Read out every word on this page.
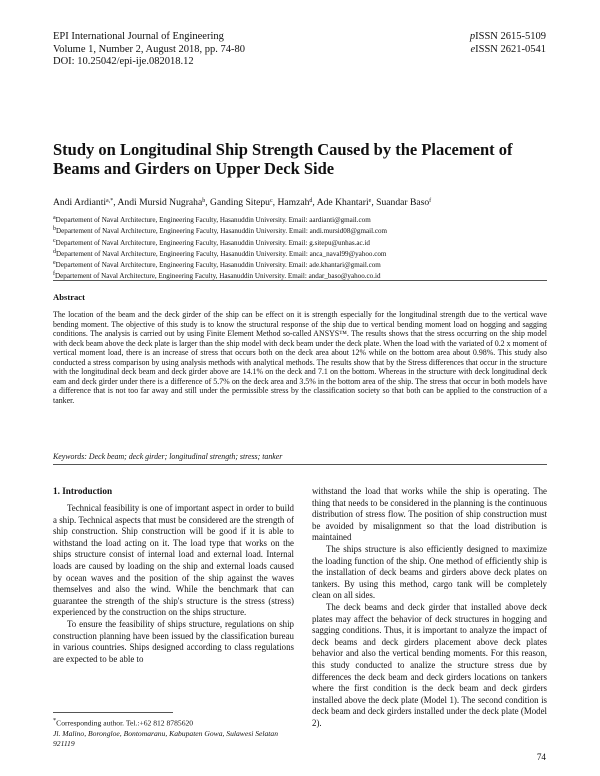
EPI International Journal of Engineering
Volume 1, Number 2, August 2018, pp. 74-80
DOI: 10.25042/epi-ije.082018.12
pISSN 2615-5109
eISSN 2621-0541
Study on Longitudinal Ship Strength Caused by the Placement of Beams and Girders on Upper Deck Side
Andi Ardianti$^{a,*}$, Andi Mursid Nugraha$^b$, Ganding Sitepu$^c$, Hamzah$^d$, Ade Khantari$^e$, Suandar Baso$^f$
$^a$Departement of Naval Architecture, Engineering Faculty, Hasanuddin University. Email: aardianti@gmail.com
$^b$Departement of Naval Architecture, Engineering Faculty, Hasanuddin University. Email: andi.mursid08@gmail.com
$^c$Departement of Naval Architecture, Engineering Faculty, Hasanuddin University. Email: g.sitepu@unhas.ac.id
$^d$Departement of Naval Architecture, Engineering Faculty, Hasanuddin University. Email: anca_naval99@yahoo.com
$^e$Departement of Naval Architecture, Engineering Faculty, Hasanuddin University. Email: ade.khantari@gmail.com
$^f$Departement of Naval Architecture, Engineering Faculty, Hasanuddin University. Email: andar_baso@yahoo.co.id
Abstract
The location of the beam and the deck girder of the ship can be effect on it is strength especially for the longitudinal strength due to the vertical wave bending moment. The objective of this study is to know the structural response of the ship due to vertical bending moment load on hogging and sagging conditions. The analysis is carried out by using Finite Element Method so-called ANSYS™. The results shows that the stress occurring on the ship model with deck beam above the deck plate is larger than the ship model with deck beam under the deck plate. When the load with the variated of 0.2 x moment of vertical moment load, there is an increase of stress that occurs both on the deck area about 12% while on the bottom area about 0.98%. This study also conducted a stress comparison by using analysis methods with analytical methods. The results show that by the Stress differences that occur in the structure with the longitudinal deck beam and deck girder above are 14.1% on the deck and 7.1 on the bottom. Whereas in the structure with deck longitudinal deck eam and deck girder under there is a difference of 5.7% on the deck area and 3.5% in the bottom area of the ship. The stress that occur in both models have a difference that is not too far away and still under the permissible stress by the classification society so that both can be applied to the construction of a tanker.
Keywords: Deck beam; deck girder; longitudinal strength; stress; tanker
1. Introduction

Technical feasibility is one of important aspect in order to build a ship. Technical aspects that must be considered are the strength of ship construction. Ship construction will be good if it is able to withstand the load acting on it. The load type that works on the ships structure consist of internal load and external load. Internal loads are caused by loading on the ship and external loads caused by ocean waves and the position of the ship against the waves themselves and also the wind. While the benchmark that can guarantee the strength of the ship's structure is the stress (stress) experienced by the construction on the ships structure.

To ensure the feasibility of ships structure, regulations on ship construction planning have been issued by the classification bureau in various countries. Ships designed according to class regulations are expected to be able to

withstand the load that works while the ship is operating. The thing that needs to be considered in the planning is the continuous distribution of stress flow. The position of ship construction must be avoided by misalignment so that the load distribution is maintained

The ships structure is also efficiently designed to maximize the loading function of the ship. One method of efficiently ship is the installation of deck beams and girders above deck plates on tankers. By using this method, cargo tank will be completely clean on all sides.

The deck beams and deck girder that installed above deck plates may affect the behavior of deck structures in hogging and sagging conditions. Thus, it is important to analyze the impact of deck beams and deck girders placement above deck plates behavior and also the vertical bending moments. For this reason, this study conducted to analize the structure stress due by differences the deck beam and deck girders locations on tankers where the first condition is the deck beam and deck girders installed above the deck plate (Model 1). The second condition is deck beam and deck girders installed under the deck plate (Model 2).

*Corresponding author. Tel.:+62 812 8785620
Jl. Malino, Borongloe, Bontomaranu, Kabupaten Gowa, Sulawesi Selatan 921119
74
